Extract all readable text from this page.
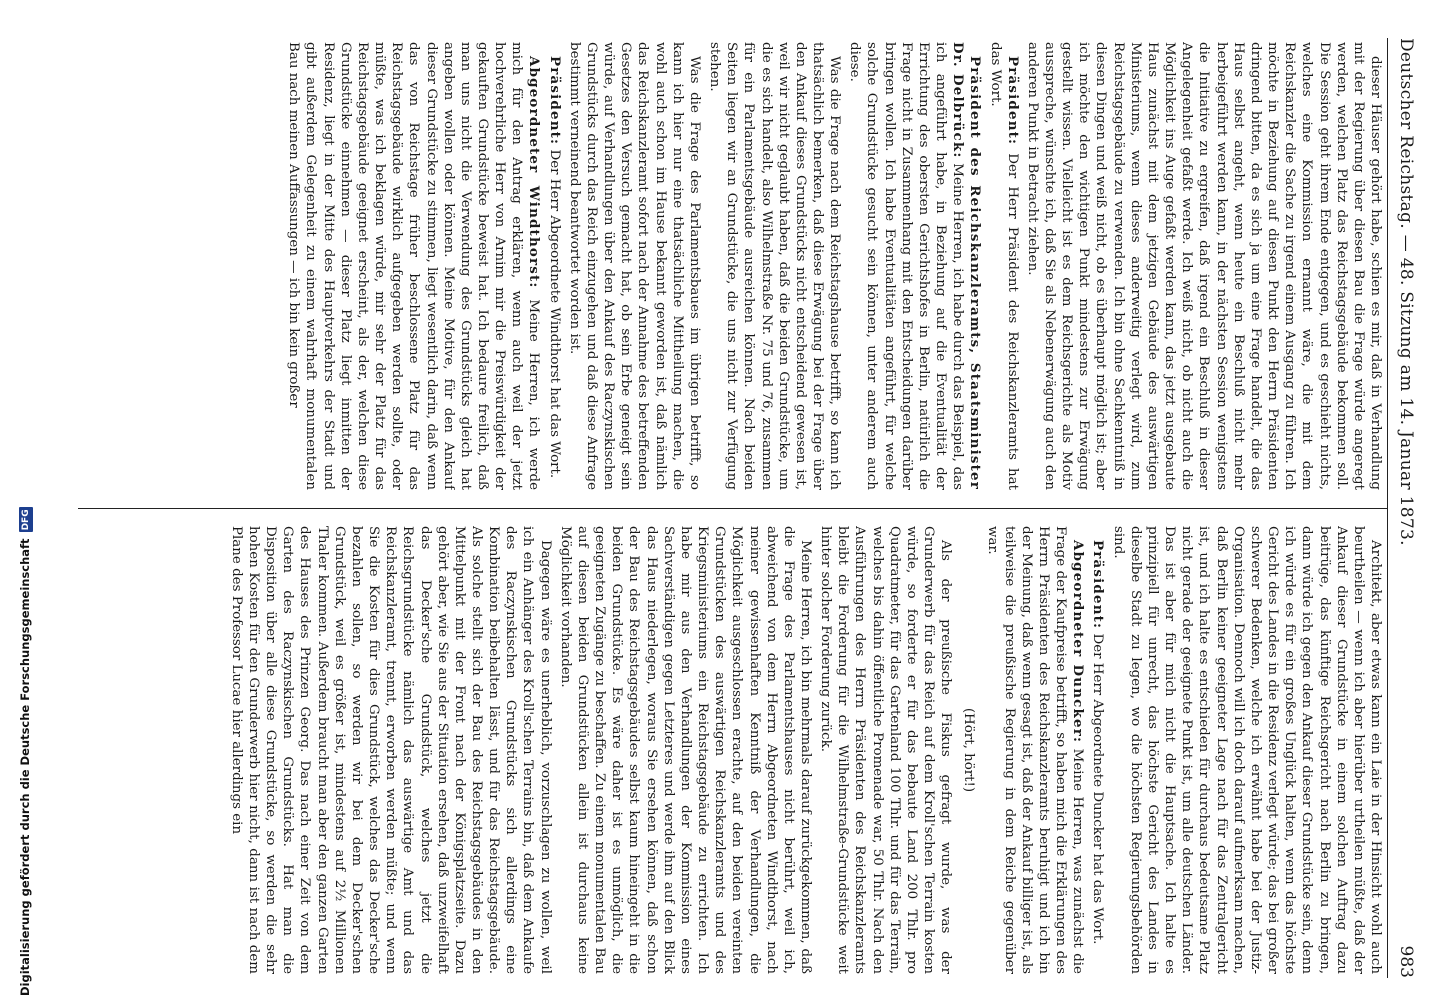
Digitalisierung gefördert durch die Deutsche Forschungsgemeinschaft DFG	Deutscher Reichstag. — 48. Sitzung am 14. Januar 1873.
983

dieser Häuser gehört habe, schien es mir, daß in Verhandlung mit der Regierung über diesen Bau die Frage würde angeregt werden, welchen Platz das Reichstagsgebäude bekommen soll. Die Session geht ihrem Ende entgegen, und es geschieht nichts, welches eine Kommission ernannt wäre, die mit dem Reichskanzler die Sache zu irgend einem Ausgang zu führen. Ich möchte in Beziehung auf diesen Punkt den Herrn Präsidenten dringend bitten, da es sich ja um eine Frage handelt, die das Haus selbst angeht, wenn heute ein Beschluß nicht mehr herbeigeführt werden kann, in der nächsten Session wenigstens die Initiative zu ergreifen, daß irgend ein Beschluß in dieser Angelegenheit gefaßt werde. Ich weiß nicht, ob nicht auch die Möglichkeit ins Auge gefaßt werden kann, das jetzt ausgebaute Haus zunächst mit dem jetzigen Gebäude des auswärtigen Ministeriums, wenn dieses anderweitig verlegt wird, zum Reichstagsgebäude zu verwenden. Ich bin ohne Sachkenntniß in diesen Dingen und weiß nicht, ob es überhaupt möglich ist; aber ich möchte den wichtigen Punkt mindestens zur Erwägung gestellt wissen. Vielleicht ist es dem Reichsgerichte als Motiv ausspreche, wünschte ich, daß Sie als Nebenerwägung auch den anderen Punkt in Betracht ziehen.

Präsident: Der Herr Präsident des Reichskanzleramts hat das Wort.

Präsident des Reichskanzleramts, Staatsminister Dr. Delbrück: Meine Herren, ich habe durch das Beispiel, das ich angeführt habe, in Beziehung auf die Eventualität der Errichtung des obersten Gerichtshofes in Berlin, natürlich die Frage nicht in Zusammenhang mit den Entscheidungen darüber bringen wollen. Ich habe Eventualitäten angeführt, für welche solche Grundstücke gesucht sein können, unter anderem auch diese.

Was die Frage nach dem Reichstagshause betrifft, so kann ich thatsächlich bemerken, daß diese Erwägung bei der Frage über den Ankauf dieses Grundstücks nicht entscheidend gewesen ist, weil wir nicht geglaubt haben, daß die beiden Grundstücke, um die es sich handelt, also Wilhelmstraße Nr. 75 und 76, zusammen für ein Parlamentsgebäude ausreichen können. Nach beiden Seiten liegen wir an Grundstücke, die uns nicht zur Verfügung stehen.

Was die Frage des Parlamentsbaues im übrigen betrifft, so kann ich hier nur eine thatsächliche Mittheilung machen, die wohl auch schon im Hause bekannt geworden ist, daß nämlich das Reichskanzleramt sofort nach der Annahme des betreffenden Gesetzes den Versuch gemacht hat, ob sein Erbe geneigt sein würde, auf Verhandlungen über den Ankauf des Raczynskischen Grundstücks durch das Reich einzugehen und daß diese Anfrage bestimmt verneinend beantwortet worden ist.

Präsident: Der Herr Abgeordnete Windthorst hat das Wort.

Abgeordneter Windthorst: Meine Herren, ich werde mich für den Antrag erklären, wenn auch weil der jetzt hochverehrliche Herr von Arnim mir die Preiswürdigkeit der gekauften Grundstücke beweist hat. Ich bedaure freilich, daß man uns nicht die Verwendung des Grundstücks gleich hat angeben wollen oder können. Meine Motive, für den Ankauf dieser Grundstücke zu stimmen, liegt wesentlich darin, daß wenn das von Reichstage früher beschlossene Platz für das Reichstagsgebäude wirklich aufgegeben werden sollte, oder müßte, was ich beklagen würde, mir sehr der Platz für das Reichstagsgebäude geeignet erscheint, als der, welchen diese Grundstücke einnehmen — dieser Platz liegt inmitten der Residenz, liegt in der Mitte des Hauptverkehrs der Stadt und gibt außerdem Gelegenheit zu einem wahrhaft monumentalen Bau nach meinen Auffassungen — ich bin kein großer

Architekt, aber etwas kann ein Laie in der Hinsicht wohl auch beurtheilen — wenn ich aber hierüber urtheilen müßte, daß der Ankauf dieser Grundstücke in einem solchen Auftrag dazu beitrüge, das künftige Reichsgericht nach Berlin zu bringen, dann würde ich gegen den Ankauf dieser Grundstücke sein, denn ich würde es für ein großes Unglück halten, wenn das höchste Gericht des Landes in die Residenz verlegt würde; das bei großer schwerer Bedenken, welche ich erwähnt habe bei der Justiz-Organisation. Dennoch will ich doch darauf aufmerksam machen, daß Berlin keiner geeigneter Lage nach für das Zentralgericht ist, und ich halte es entschieden für durchaus bedeutsame Platz nicht gerade der geeignete Punkt ist, um alle deutschen Länder. Das ist aber für mich nicht die Hauptsache. Ich halte es prinzipiell für unrecht, das höchste Gericht des Landes in dieselbe Stadt zu legen, wo die höchsten Regierungsbehörden sind.

Präsident: Der Herr Abgeordnete Duncker hat das Wort.

Abgeordneter Duncker: Meine Herren, was zunächst die Frage der Kaufpreise betrifft, so haben mich die Erklärungen des Herrn Präsidenten des Reichskanzleramts beruhigt und ich bin der Meinung, daß wenn gesagt ist, daß der Ankauf billiger ist, als teilweise die preußische Regierung in dem Reiche gegenüber war.

(Hört, hört!)

Als der preußische Fiskus gefragt wurde, was der Grunderwerb für das Reich auf dem Kroll'schen Terrain kosten würde, so forderte er für das bebaute Land 200 Thlr. pro Quadratmeter, für das Gartenland 100 Thlr. und für das Terrain, welches bis dahin öffentliche Promenade war, 50 Thlr. Nach den Ausführungen des Herrn Präsidenten des Reichskanzleramts bleibt die Forderung für die Wilhelmstraße-Grundstücke weit hinter solcher Forderung zurück.

Meine Herren, ich bin mehrmals darauf zurückgekommen, daß die Frage des Parlamentshauses nicht berührt, weil ich, abweichend von dem Herrn Abgeordneten Windthorst, nach meiner gewissenhaften Kenntniß der Verhandlungen, die Möglichkeit ausgeschlossen erachte, auf den beiden vereinten Grundstücken des auswärtigen Reichskanzleramts und des Kriegsministeriums ein Reichstagsgebäude zu errichten. Ich habe mir aus den Verhandlungen der Kommission eines Sachverständigen gegen Letzteres und werde ihm auf den Blick das Haus niederlegen, woraus Sie ersehen können, daß schon der Bau des Reichstagsgebäudes selbst kaum hineingeht in die beiden Grundstücke. Es wäre daher ist es unmöglich, die geeigneten Zugänge zu beschaffen. Zu einem monumentalen Bau auf diesen beiden Grundstücken allein ist durchaus keine Möglichkeit vorhanden.

Dagegen wäre es unerheblich, vorzuschlagen zu wollen, weil ich ein Anhänger des Kroll'schen Terrains bin, daß dem Ankaufe des Raczynskischen Grundstücks sich allerdings eine Kombination beibehalten lässt, und für das Reichstagsgebäude. Als solche stellt sich der Bau des Reichstagsgebäudes in den Mittelpunkt mit der Front nach der Königsplatzseite. Dazu gehört aber, wie Sie aus der Situation ersehen, daß unzweifelhaft das Decker'sche Grundstück, welches jetzt die Reichsgrundstücke nämlich das auswärtige Amt und das Reichskanzleramt, trennt, erworben werden müßte; und wenn Sie die Kosten für dies Grundstück, welches das Decker'sche bezahlen sollen, so werden wir bei dem Decker'schen Grundstück, weil es größer ist, mindestens auf 2½ Millionen Thaler kommen. Außerdem braucht man aber den ganzen Garten des Hauses des Prinzen Georg. Das nach einer Zeit von dem Garten des Raczynskischen Grundstücks. Hat man die Disposition über alle diese Grundstücke, so werden die sehr hohen Kosten für den Grunderwerb hier nicht, dann ist nach dem Plane des Professor Lucae hier allerdings ein
